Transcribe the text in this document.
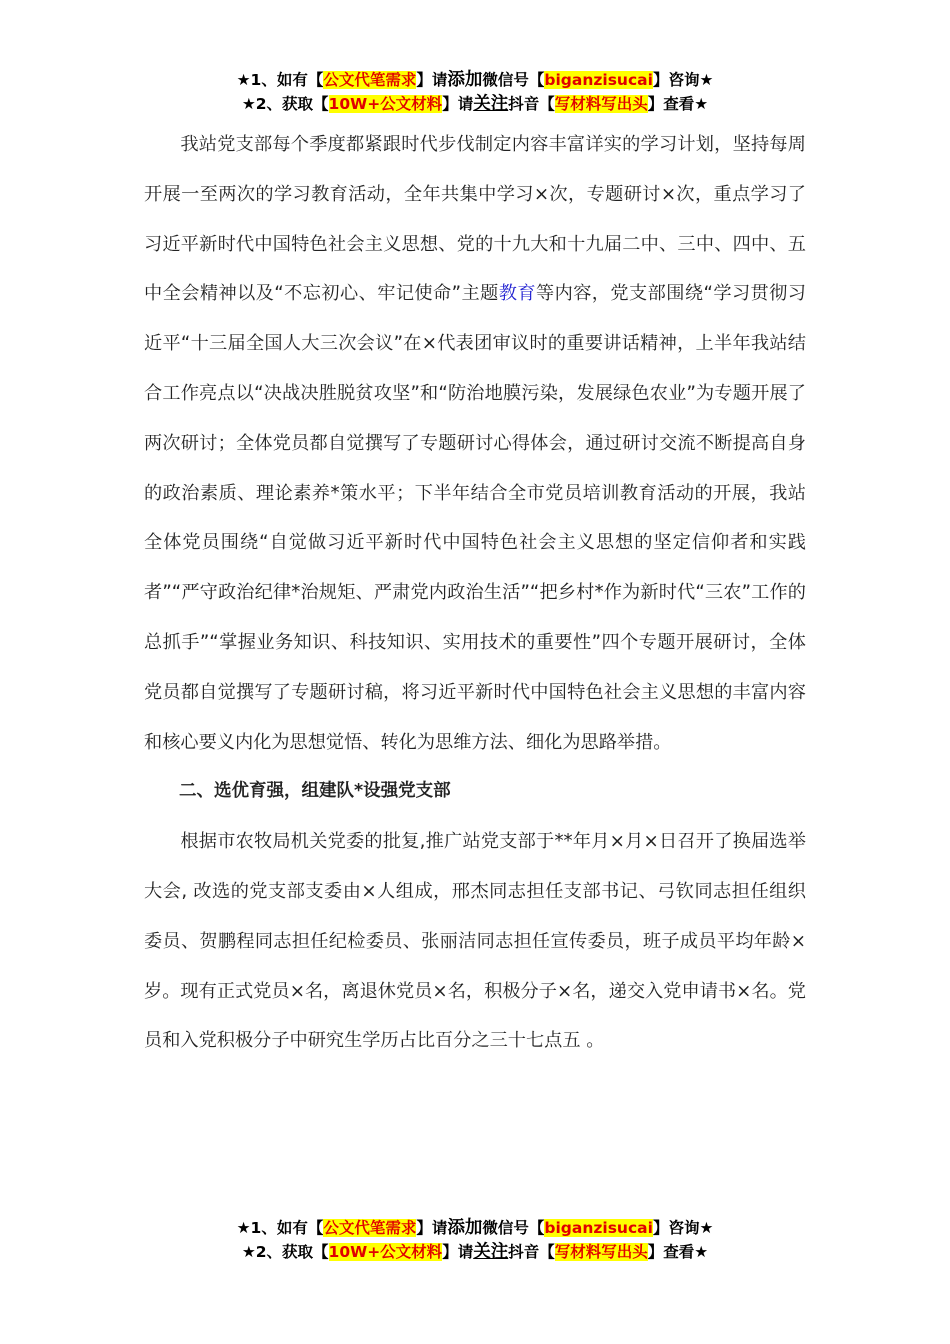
★1、如有【公文代笔需求】请添加微信号【biganzisucai】咨询★
★2、获取【10W+公文材料】请关注抖音【写材料写出头】查看★

我站党支部每个季度都紧跟时代步伐制定内容丰富详实的学习计划，坚持每周开展一至两次的学习教育活动，全年共集中学习×次，专题研讨×次，重点学习了习近平新时代中国特色社会主义思想、党的十九大和十九届二中、三中、四中、五中全会精神以及“不忘初心、牢记使命”主题教育等内容，党支部围绕“学习贯彻习近平“十三届全国人大三次会议”在×代表团审议时的重要讲话精神，上半年我站结合工作亮点以“决战决胜脱贫攻坚”和“防治地膜污染，发展绿色农业”为专题开展了两次研讨；全体党员都自觉撰写了专题研讨心得体会，通过研讨交流不断提高自身的政治素质、理论素养*策水平；下半年结合全市党员培训教育活动的开展，我站全体党员围绕“自觉做习近平新时代中国特色社会主义思想的坚定信仰者和实践者”“严守政治纪律*治规矩、严肃党内政治生活”“把乡村*作为新时代“三农”工作的总抓手”“掌握业务知识、科技知识、实用技术的重要性”四个专题开展研讨，全体党员都自觉撰写了专题研讨稿，将习近平新时代中国特色社会主义思想的丰富内容和核心要义内化为思想觉悟、转化为思维方法、细化为思路举措。

二、选优育强，组建队*设强党支部

根据市农牧局机关党委的批复,推广站党支部于**年月×月×日召开了换届选举大会, 改选的党支部支委由×人组成，邢杰同志担任支部书记、弓钦同志担任组织委员、贺鹏程同志担任纪检委员、张丽洁同志担任宣传委员，班子成员平均年龄×岁。现有正式党员×名，离退休党员×名，积极分子×名，递交入党申请书×名。党员和入党积极分子中研究生学历占比百分之三十七点五 。

★1、如有【公文代笔需求】请添加微信号【biganzisucai】咨询★
★2、获取【10W+公文材料】请关注抖音【写材料写出头】查看★
